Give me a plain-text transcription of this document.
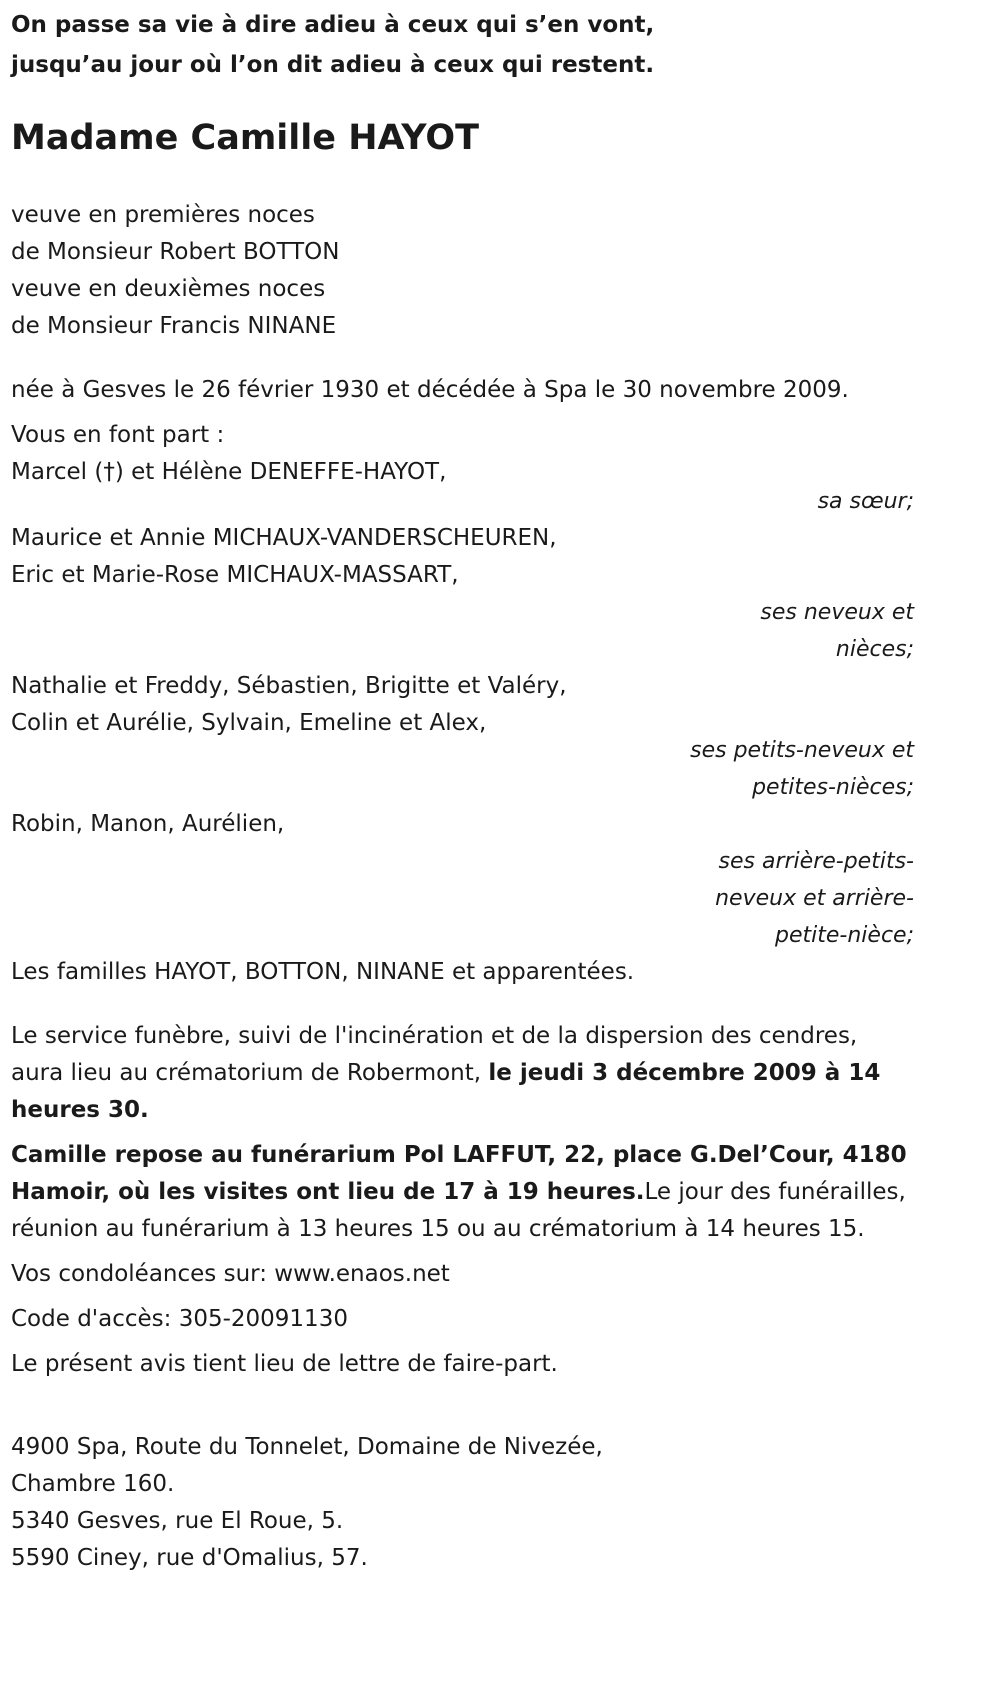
On passe sa vie à dire adieu à ceux qui s’en vont,

jusqu’au jour où l’on dit adieu à ceux qui restent.

Madame Camille HAYOT

veuve en premières noces

de Monsieur Robert BOTTON

veuve en deuxièmes noces

de Monsieur Francis NINANE

née à Gesves le 26 février 1930 et décédée à Spa le 30 novembre 2009.

Vous en font part :

Marcel (†) et Hélène DENEFFE-HAYOT,

sa sœur;

Maurice et Annie MICHAUX-VANDERSCHEUREN,

Eric et Marie-Rose MICHAUX-MASSART,

ses neveux et

nièces;

Nathalie et Freddy, Sébastien, Brigitte et Valéry,

Colin et Aurélie, Sylvain, Emeline et Alex,

ses petits-neveux et

petites-nièces;

Robin, Manon, Aurélien,

ses arrière-petits-

neveux et arrière-

petite-nièce;

Les familles HAYOT, BOTTON, NINANE et apparentées.

Le service funèbre, suivi de l'incinération et de la dispersion des cendres,

aura lieu au crématorium de Robermont, le jeudi 3 décembre 2009 à 14

heures 30.

Camille repose au funérarium Pol LAFFUT, 22, place G.Del’Cour, 4180

Hamoir, où les visites ont lieu de 17 à 19 heures.Le jour des funérailles,

réunion au funérarium à 13 heures 15 ou au crématorium à 14 heures 15.

Vos condoléances sur: www.enaos.net

Code d'accès: 305-20091130

Le présent avis tient lieu de lettre de faire-part.

4900 Spa, Route du Tonnelet, Domaine de Nivezée,

Chambre 160.

5340 Gesves, rue El Roue, 5.

5590 Ciney, rue d'Omalius, 57.
